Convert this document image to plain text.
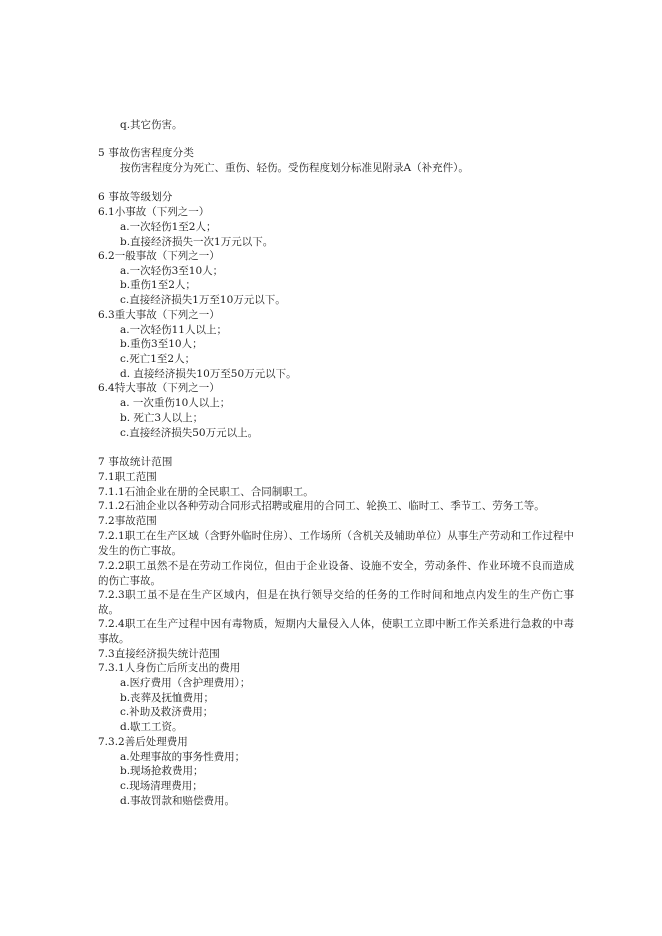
q.其它伤害。
5 事故伤害程度分类
按伤害程度分为死亡、重伤、轻伤。受伤程度划分标准见附录A（补充件）。
6 事故等级划分
6.1小事故（下列之一）
a.一次轻伤1至2人；
b.直接经济损失一次1万元以下。
6.2一般事故（下列之一）
a.一次轻伤3至10人；
b.重伤1至2人；
c.直接经济损失1万至10万元以下。
6.3重大事故（下列之一）
a.一次轻伤11人以上；
b.重伤3至10人；
c.死亡1至2人；
d. 直接经济损失10万至50万元以下。
6.4特大事故（下列之一）
a. 一次重伤10人以上；
b. 死亡3人以上；
c.直接经济损失50万元以上。
7 事故统计范围
7.1职工范围
7.1.1石油企业在册的全民职工、合同制职工。
7.1.2石油企业以各种劳动合同形式招聘或雇用的合同工、轮换工、临时工、季节工、劳务工等。
7.2事故范围
7.2.1职工在生产区域（含野外临时住房）、工作场所（含机关及辅助单位）从事生产劳动和工作过程中发生的伤亡事故。
7.2.2职工虽然不是在劳动工作岗位，但由于企业设备、设施不安全，劳动条件、作业环境不良而造成的伤亡事故。
7.2.3职工虽不是在生产区域内，但是在执行领导交给的任务的工作时间和地点内发生的生产伤亡事故。
7.2.4职工在生产过程中因有毒物质，短期内大量侵入人体，使职工立即中断工作关系进行急救的中毒事故。
7.3直接经济损失统计范围
7.3.1人身伤亡后所支出的费用
a.医疗费用（含护理费用）；
b.丧葬及抚恤费用；
c.补助及救济费用；
d.歇工工资。
7.3.2善后处理费用
a.处理事故的事务性费用；
b.现场抢救费用；
c.现场清理费用；
d.事故罚款和赔偿费用。
